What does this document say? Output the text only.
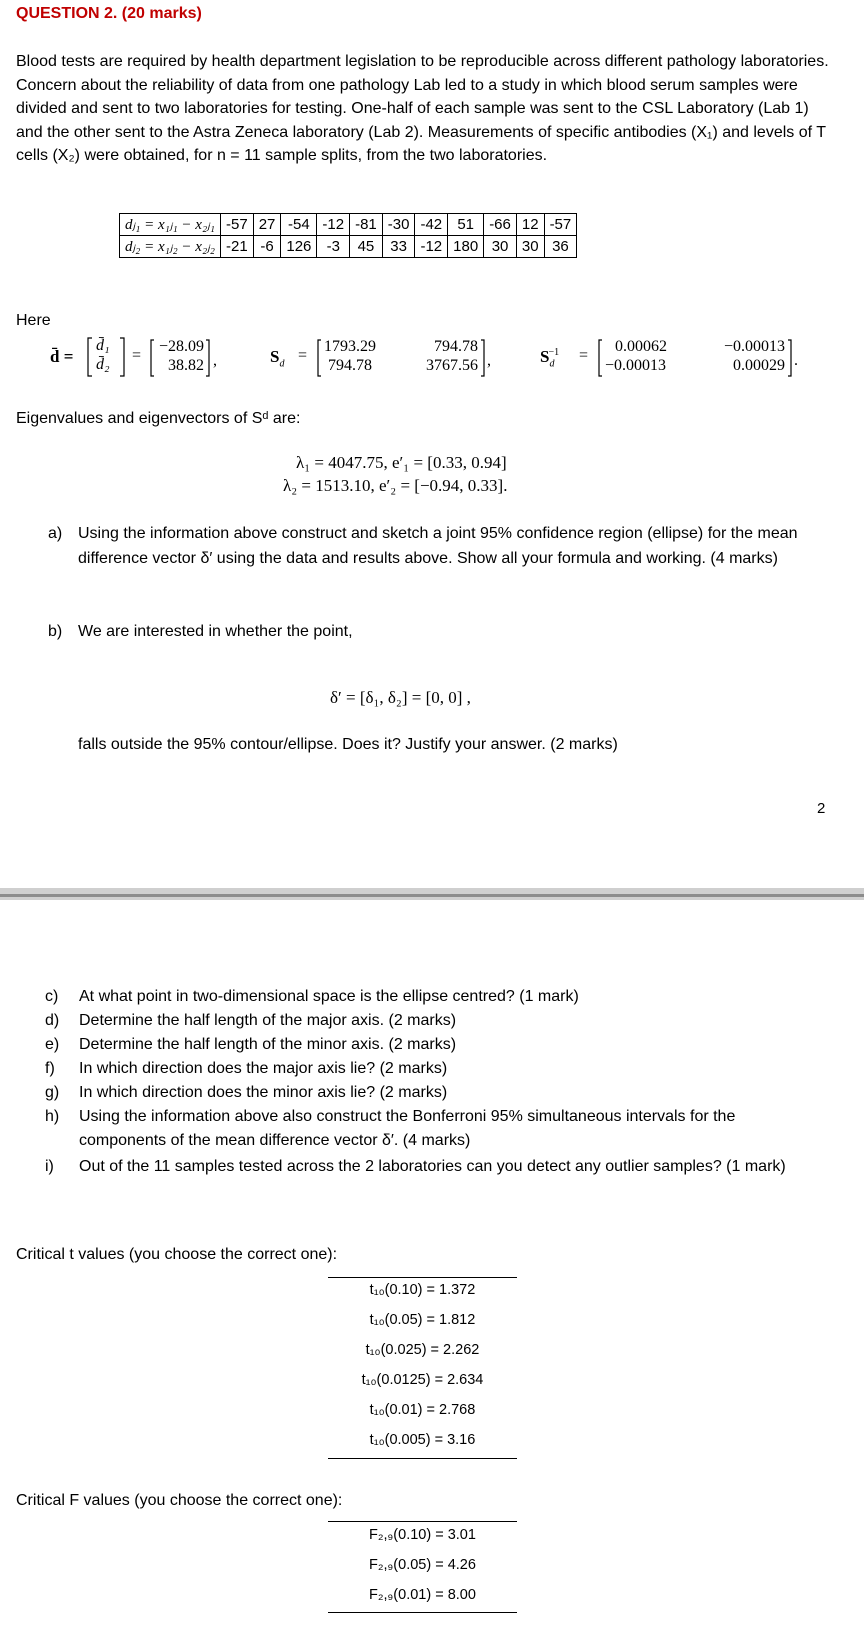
QUESTION 2. (20 marks)
Blood tests are required by health department legislation to be reproducible across different pathology laboratories. Concern about the reliability of data from one pathology Lab led to a study in which blood serum samples were divided and sent to two laboratories for testing. One-half of each sample was sent to the CSL Laboratory (Lab 1) and the other sent to the Astra Zeneca laboratory (Lab 2). Measurements of specific antibodies (X₁) and levels of T cells (X₂) were obtained, for n = 11 sample splits, from the two laboratories.
dⱼ₁ = x₁ⱼ₁ − x₂ⱼ₁	-57	27	-54	-12	-81	-30	-42	51	-66	12	-57
dⱼ₂ = x₁ⱼ₂ − x₂ⱼ₂	-21	-6	126	-3	45	33	-12	180	30	30	36
Here
d̄ =
d̄₁
d̄₂
=
−28.09
38.82 ,	$S_d$ =
1793.29	794.78
794.78	3767.56 ,	$S_d^{-1}$	=
0.00062	−0.00013
−0.00013	0.00029 .
Eigenvalues and eigenvectors of Sᵈ are:
λ₁ = 4047.75, e′₁ = [0.33, 0.94]
λ₂ = 1513.10, e′₂ = [−0.94, 0.33].
a) Using the information above construct and sketch a joint 95% confidence region (ellipse) for the mean difference vector δ′ using the data and results above. Show all your formula and working. (4 marks)
b) We are interested in whether the point,
δ′ = [δ₁, δ₂] = [0, 0] ,
falls outside the 95% contour/ellipse. Does it? Justify your answer. (2 marks)
2
c) At what point in two-dimensional space is the ellipse centred? (1 mark)
d) Determine the half length of the major axis. (2 marks)
e) Determine the half length of the minor axis. (2 marks)
f) In which direction does the major axis lie? (2 marks)
g) In which direction does the minor axis lie? (2 marks)
h) Using the information above also construct the Bonferroni 95% simultaneous intervals for the components of the mean difference vector δ′. (4 marks)
i) Out of the 11 samples tested across the 2 laboratories can you detect any outlier samples? (1 mark)
Critical t values (you choose the correct one):
t₁₀(0.10) = 1.372
t₁₀(0.05) = 1.812
t₁₀(0.025) = 2.262
t₁₀(0.0125) = 2.634
t₁₀(0.01) = 2.768
t₁₀(0.005) = 3.16
Critical F values (you choose the correct one):
F₂,₉(0.10) = 3.01
F₂,₉(0.05) = 4.26
F₂,₉(0.01) = 8.00
